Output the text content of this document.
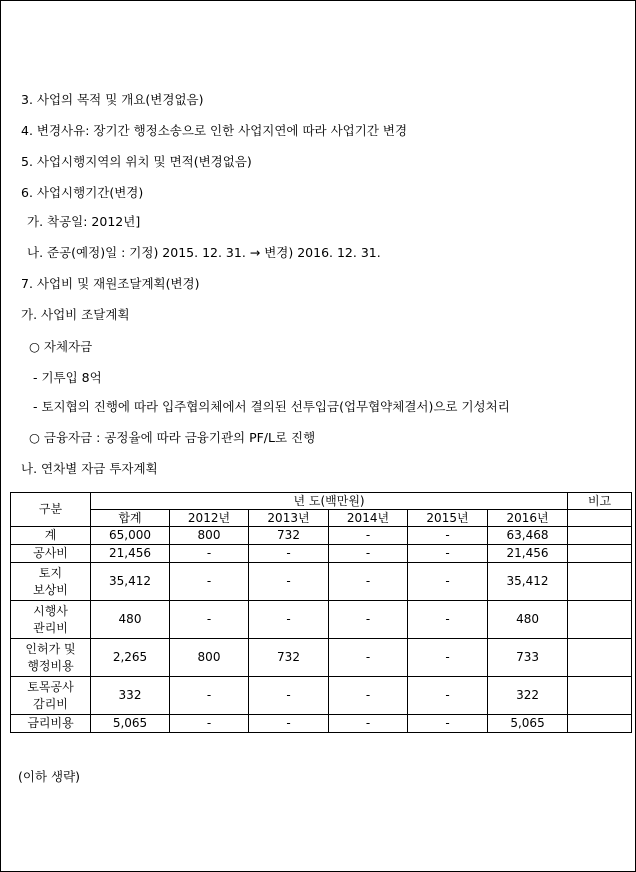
3. 사업의 목적 및 개요(변경없음)
4. 변경사유: 장기간 행정소송으로 인한 사업지연에 따라 사업기간 변경
5. 사업시행지역의 위치 및 면적(변경없음)
6. 사업시행기간(변경)
가. 착공일: 2012년]
나. 준공(예정)일 : 기정) 2015. 12. 31. → 변경) 2016. 12. 31.
7. 사업비 및 재원조달계획(변경)
가. 사업비 조달계획
○ 자체자금
- 기투입 8억
- 토지협의 진행에 따라 입주협의체에서 결의된 선투입금(업무협약체결서)으로 기성처리
○ 금융자금 : 공정율에 따라 금융기관의 PF/L로 진행
나. 연차별 자금 투자계획
구분	년 도(백만원)						비고
	합계	2012년	2013년	2014년	2015년	2016년	
계	65,000	800	732	-	-	63,468	
공사비	21,456	-	-	-	-	21,456	
토지
보상비	35,412	-	-	-	-	35,412	
시행사
관리비	480	-	-	-	-	480	
인허가 및
행정비용	2,265	800	732	-	-	733	
토목공사
감리비	332	-	-	-	-	322	
금리비용	5,065	-	-	-	-	5,065	
(이하 생략)
